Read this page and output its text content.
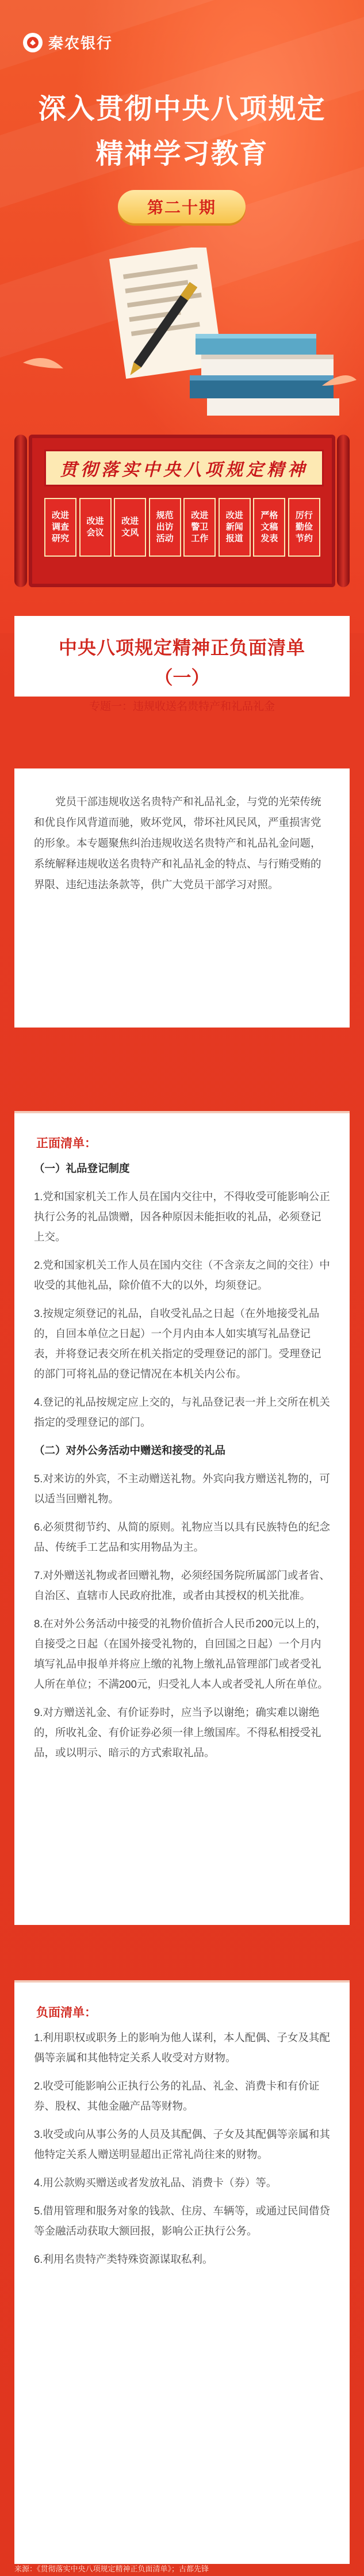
秦农银行
深入贯彻中央八项规定
精神学习教育
第二十期
贯彻落实中央八项规定精神
改进调查研究
改进会议
改进文风
规范出访活动
改进警卫工作
改进新闻报道
严格文稿发表
厉行勤俭节约
中央八项规定精神正负面清单
（一）
专题一：违规收送名贵特产和礼品礼金

党员干部违规收送名贵特产和礼品礼金，与党的光荣传统和优良作风背道而驰，败坏党风，带坏社风民风，严重损害党的形象。本专题聚焦纠治违规收送名贵特产和礼品礼金问题，系统解释违规收送名贵特产和礼品礼金的特点、与行贿受贿的界限、违纪违法条款等，供广大党员干部学习对照。

正面清单：

（一）礼品登记制度

1.党和国家机关工作人员在国内交往中，不得收受可能影响公正执行公务的礼品馈赠，因各种原因未能拒收的礼品，必须登记上交。

2.党和国家机关工作人员在国内交往（不含亲友之间的交往）中收受的其他礼品，除价值不大的以外，均须登记。

3.按规定须登记的礼品，自收受礼品之日起（在外地接受礼品的，自回本单位之日起）一个月内由本人如实填写礼品登记表，并将登记表交所在机关指定的受理登记的部门。受理登记的部门可将礼品的登记情况在本机关内公布。

4.登记的礼品按规定应上交的，与礼品登记表一并上交所在机关指定的受理登记的部门。

（二）对外公务活动中赠送和接受的礼品

5.对来访的外宾，不主动赠送礼物。外宾向我方赠送礼物的，可以适当回赠礼物。

6.必须贯彻节约、从简的原则。礼物应当以具有民族特色的纪念品、传统手工艺品和实用物品为主。

7.对外赠送礼物或者回赠礼物，必须经国务院所属部门或者省、自治区、直辖市人民政府批准，或者由其授权的机关批准。

8.在对外公务活动中接受的礼物价值折合人民币200元以上的，自接受之日起（在国外接受礼物的，自回国之日起）一个月内填写礼品申报单并将应上缴的礼物上缴礼品管理部门或者受礼人所在单位；不满200元，归受礼人本人或者受礼人所在单位。

9.对方赠送礼金、有价证券时，应当予以谢绝；确实难以谢绝的，所收礼金、有价证券必须一律上缴国库。不得私相授受礼品，或以明示、暗示的方式索取礼品。

负面清单：

1.利用职权或职务上的影响为他人谋利，本人配偶、子女及其配偶等亲属和其他特定关系人收受对方财物。

2.收受可能影响公正执行公务的礼品、礼金、消费卡和有价证券、股权、其他金融产品等财物。

3.收受或向从事公务的人员及其配偶、子女及其配偶等亲属和其他特定关系人赠送明显超出正常礼尚往来的财物。

4.用公款购买赠送或者发放礼品、消费卡（券）等。

5.借用管理和服务对象的钱款、住房、车辆等，或通过民间借贷等金融活动获取大额回报，影响公正执行公务。

6.利用名贵特产类特殊资源谋取私利。

来源：《贯彻落实中央八项规定精神正负面清单》；古都先锋
